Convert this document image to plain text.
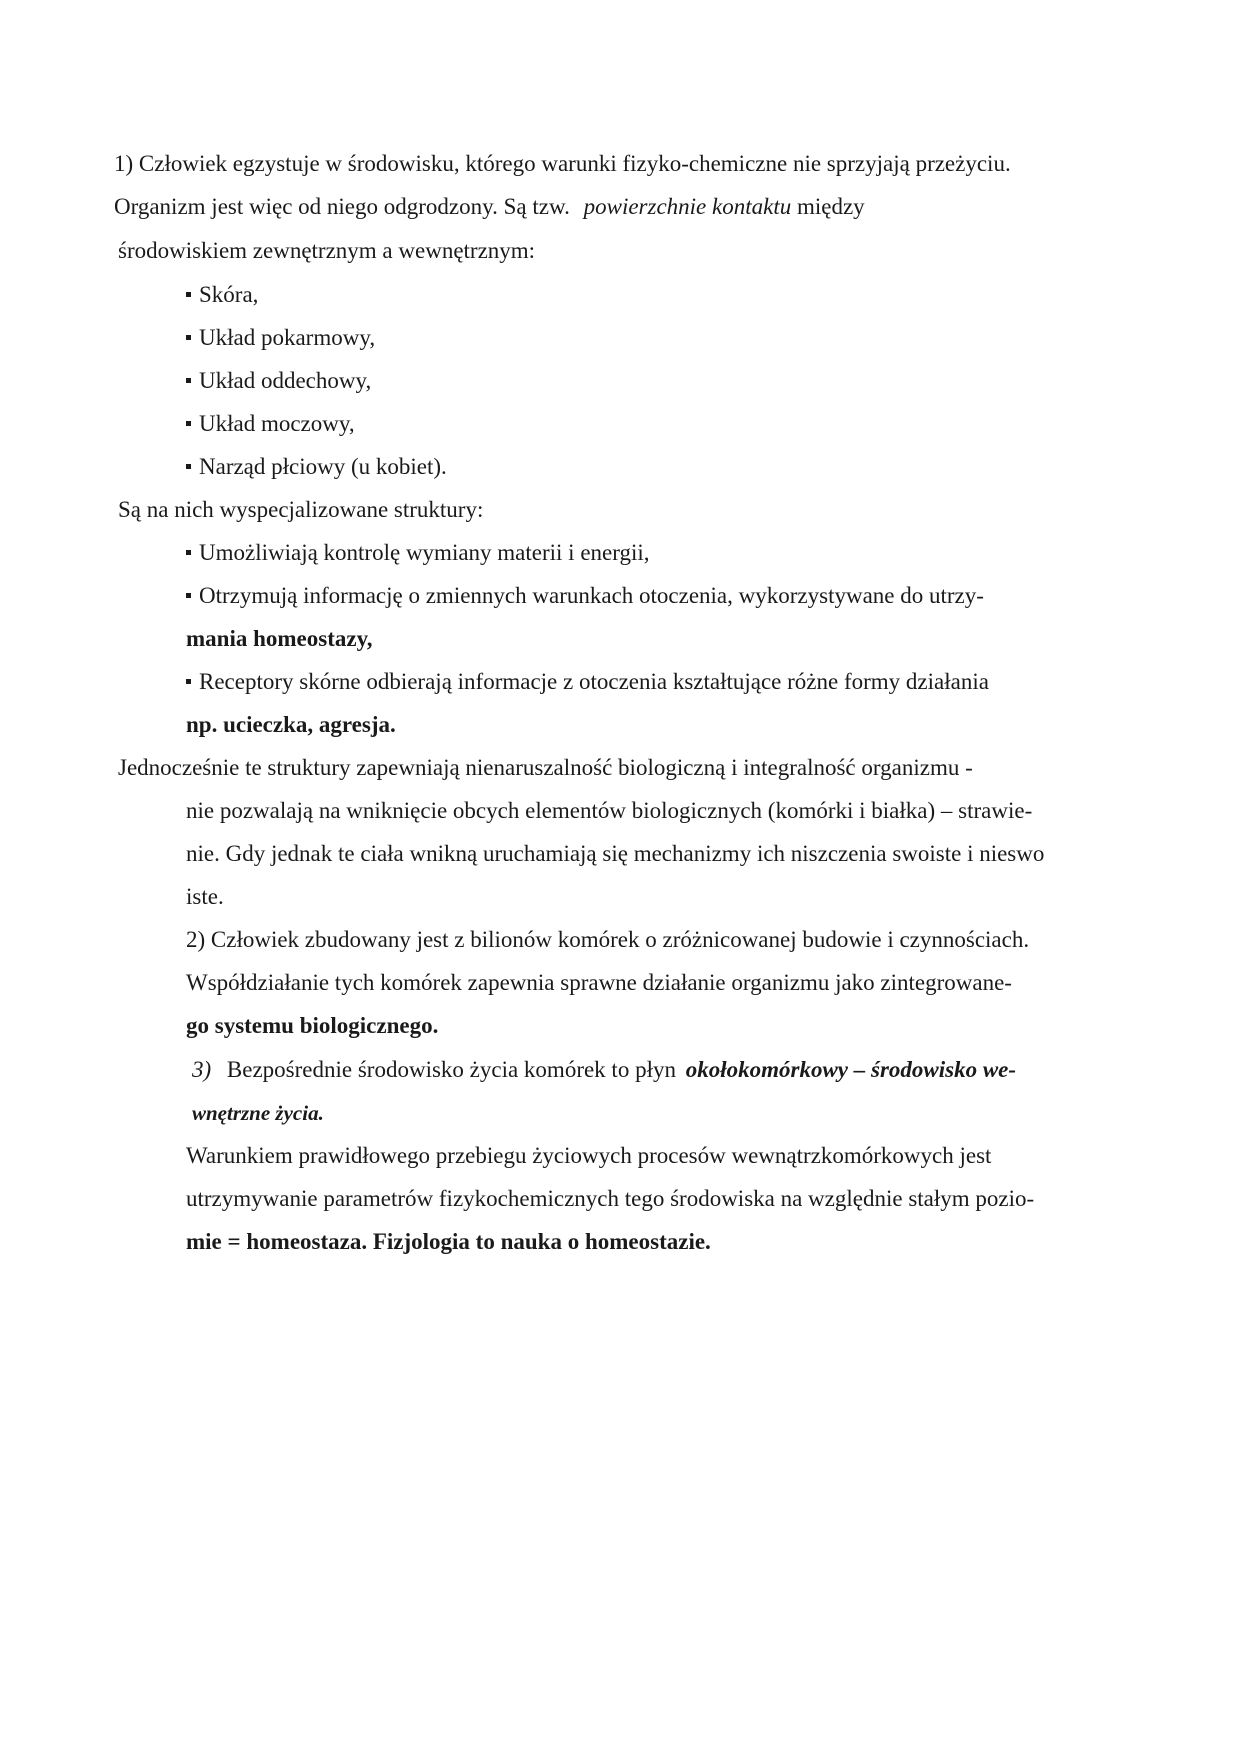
1) Człowiek egzystuje w środowisku, którego warunki fizyko-chemiczne nie sprzyjają przeżyciu.
Organizm jest więc od niego odgrodzony. Są tzw. powierzchnie kontaktu między
środowiskiem zewnętrznym a wewnętrznym:
Skóra,
Układ pokarmowy,
Układ oddechowy,
Układ moczowy,
Narząd płciowy (u kobiet).
Są na nich wyspecjalizowane struktury:
Umożliwiają kontrolę wymiany materii i energii,
Otrzymują informację o zmiennych warunkach otoczenia, wykorzystywane do utrzy-
mania homeostazy,
Receptory skórne odbierają informacje z otoczenia kształtujące różne formy działania
np. ucieczka, agresja.
Jednocześnie te struktury zapewniają nienaruszalność biologiczną i integralność organizmu -
nie pozwalają na wniknięcie obcych elementów biologicznych (komórki i białka) – strawie-
nie. Gdy jednak te ciała wnikną uruchamiają się mechanizmy ich niszczenia swoiste i nieswo
iste.
2) Człowiek zbudowany jest z bilionów komórek o zróżnicowanej budowie i czynnościach.
Współdziałanie tych komórek zapewnia sprawne działanie organizmu jako zintegrowane-
go systemu biologicznego.
3) Bezpośrednie środowisko życia komórek to płyn okołokomórkowy – środowisko we-
wnętrzne życia.
Warunkiem prawidłowego przebiegu życiowych procesów wewnątrzkomórkowych jest
utrzymywanie parametrów fizykochemicznych tego środowiska na względnie stałym pozio-
mie = homeostaza. Fizjologia to nauka o homeostazie.
